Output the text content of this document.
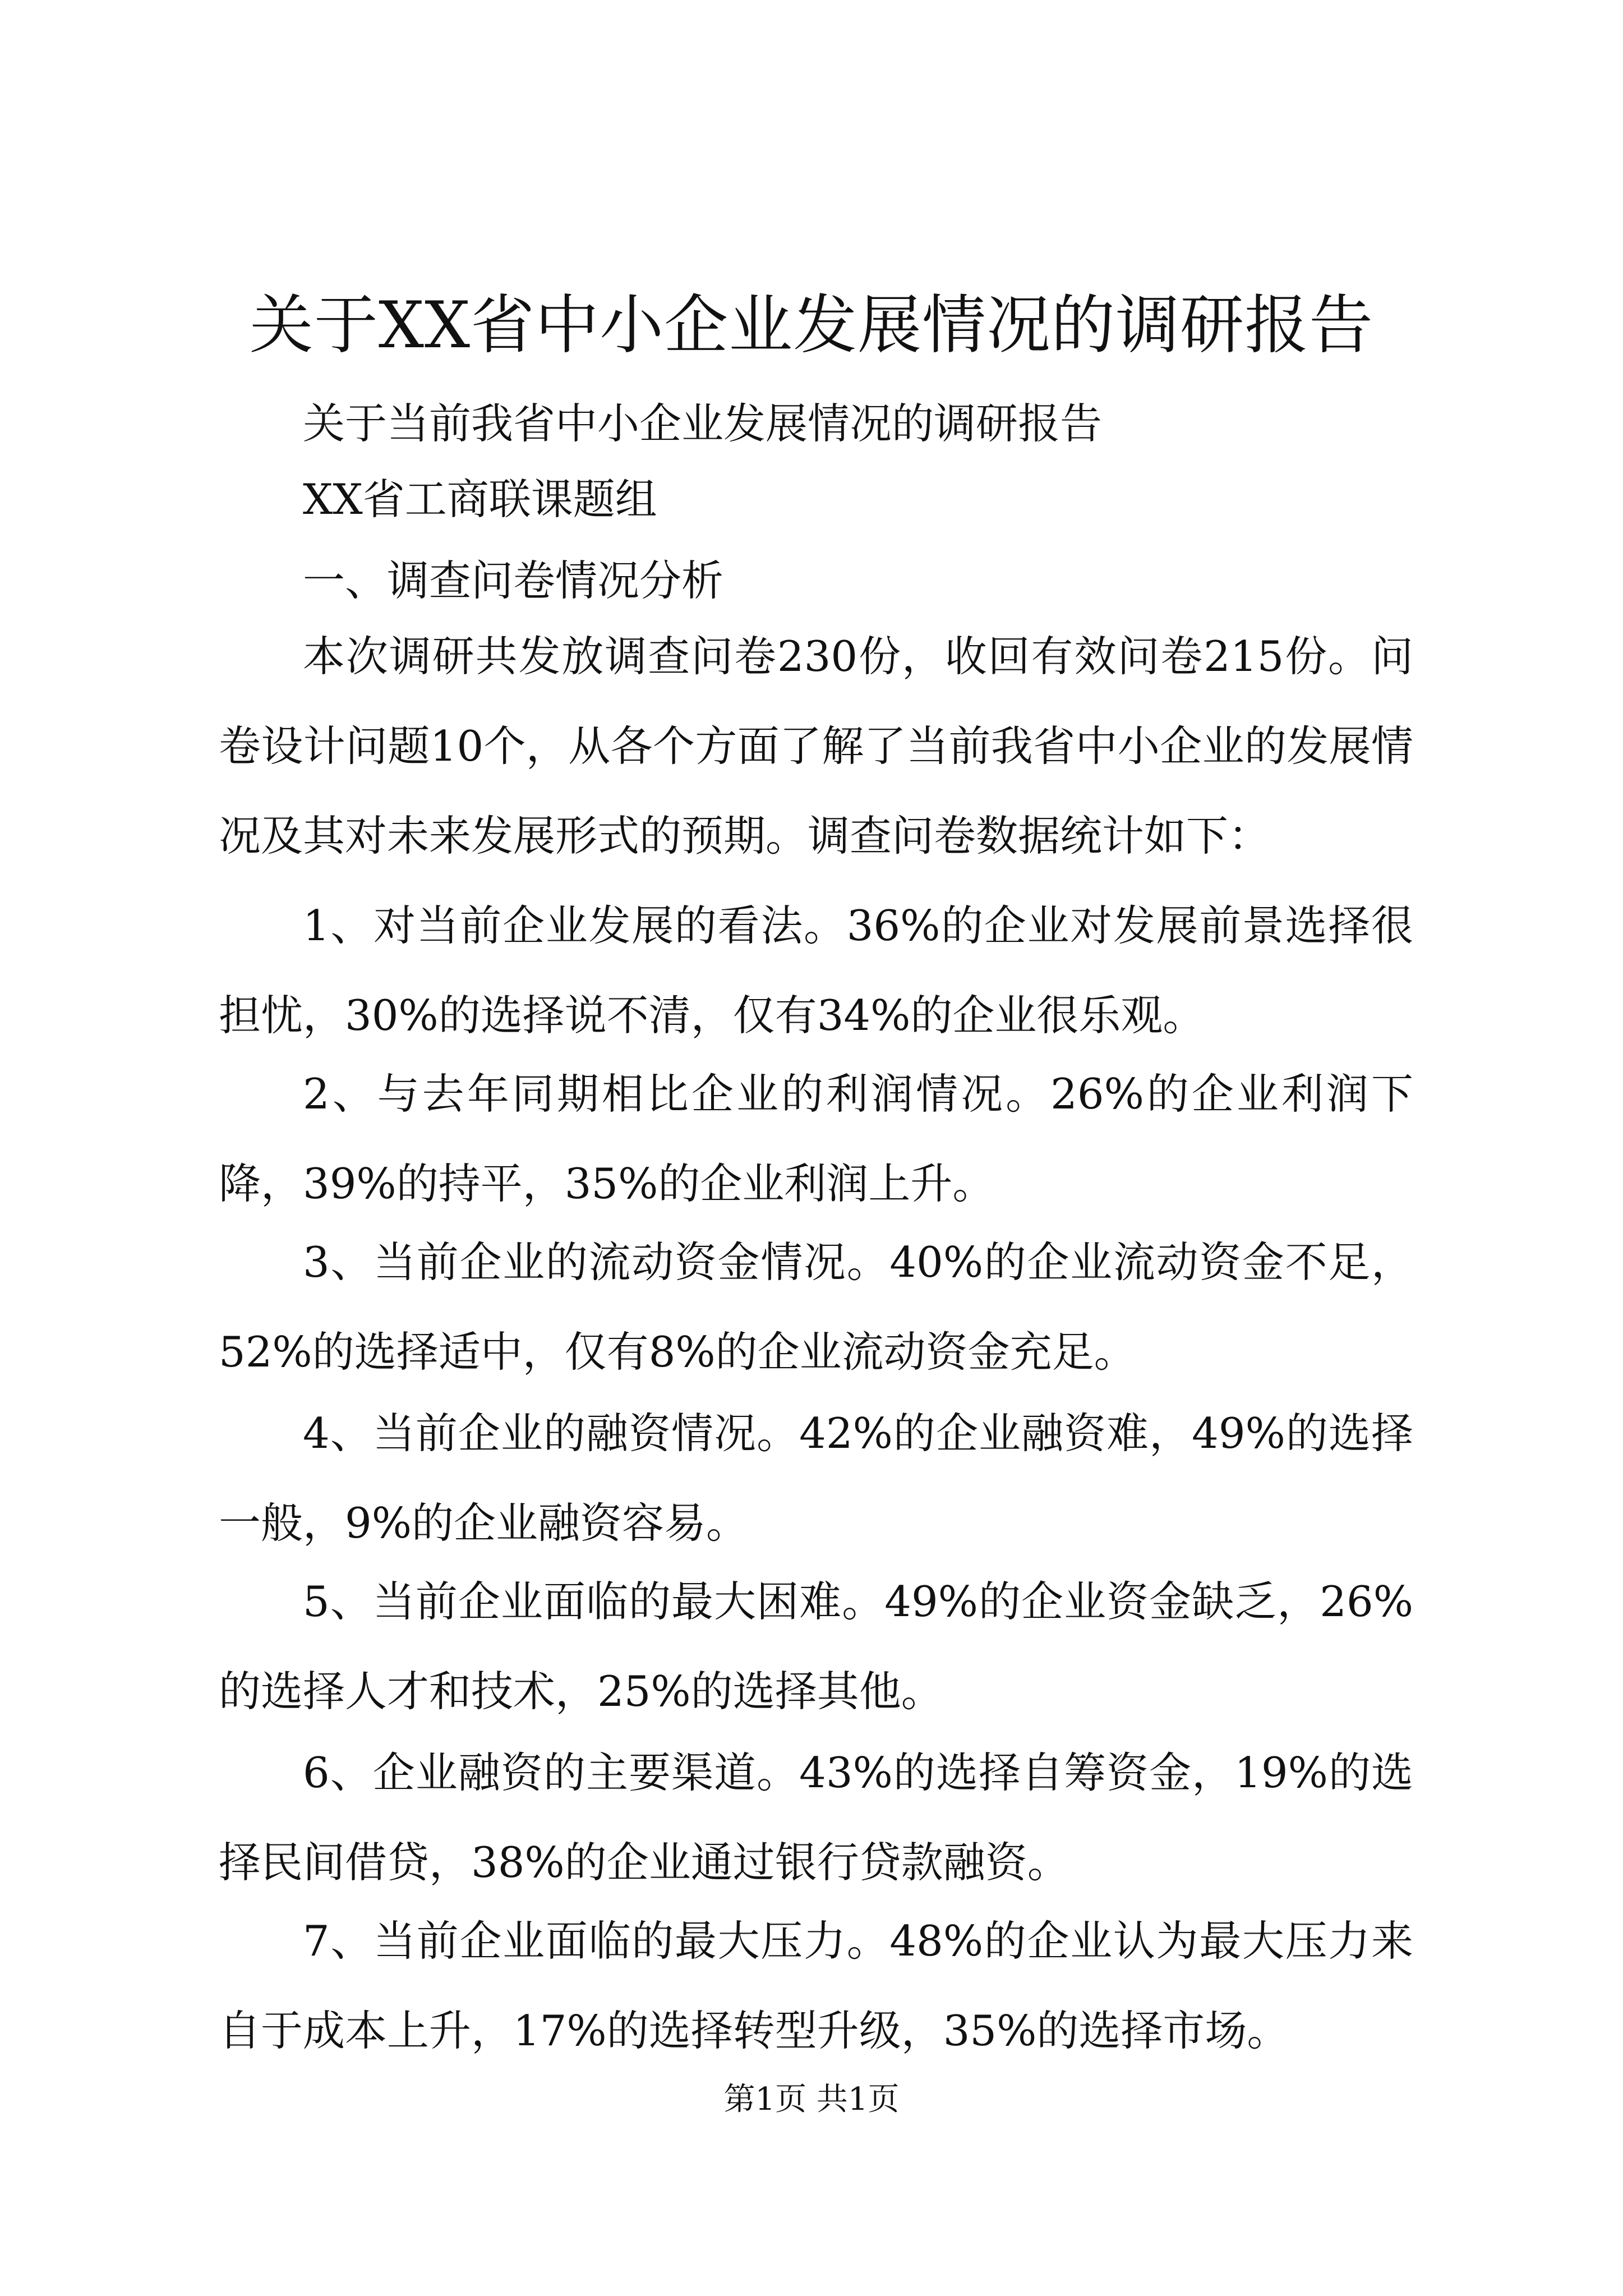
关于XX省中小企业发展情况的调研报告
关于当前我省中小企业发展情况的调研报告
XX省工商联课题组
一、调查问卷情况分析

本次调研共发放调查问卷230份，收回有效问卷215份。问卷设计问题10个，从各个方面了解了当前我省中小企业的发展情况及其对未来发展形式的预期。调查问卷数据统计如下：

1、对当前企业发展的看法。36%的企业对发展前景选择很担忧，30%的选择说不清，仅有34%的企业很乐观。

2、与去年同期相比企业的利润情况。26%的企业利润下降，39%的持平，35%的企业利润上升。

3、当前企业的流动资金情况。40%的企业流动资金不足，52%的选择适中，仅有8%的企业流动资金充足。

4、当前企业的融资情况。42%的企业融资难，49%的选择一般，9%的企业融资容易。

5、当前企业面临的最大困难。49%的企业资金缺乏，26%的选择人才和技术，25%的选择其他。

6、企业融资的主要渠道。43%的选择自筹资金，19%的选择民间借贷，38%的企业通过银行贷款融资。

7、当前企业面临的最大压力。48%的企业认为最大压力来自于成本上升，17%的选择转型升级，35%的选择市场。

第1页 共1页
